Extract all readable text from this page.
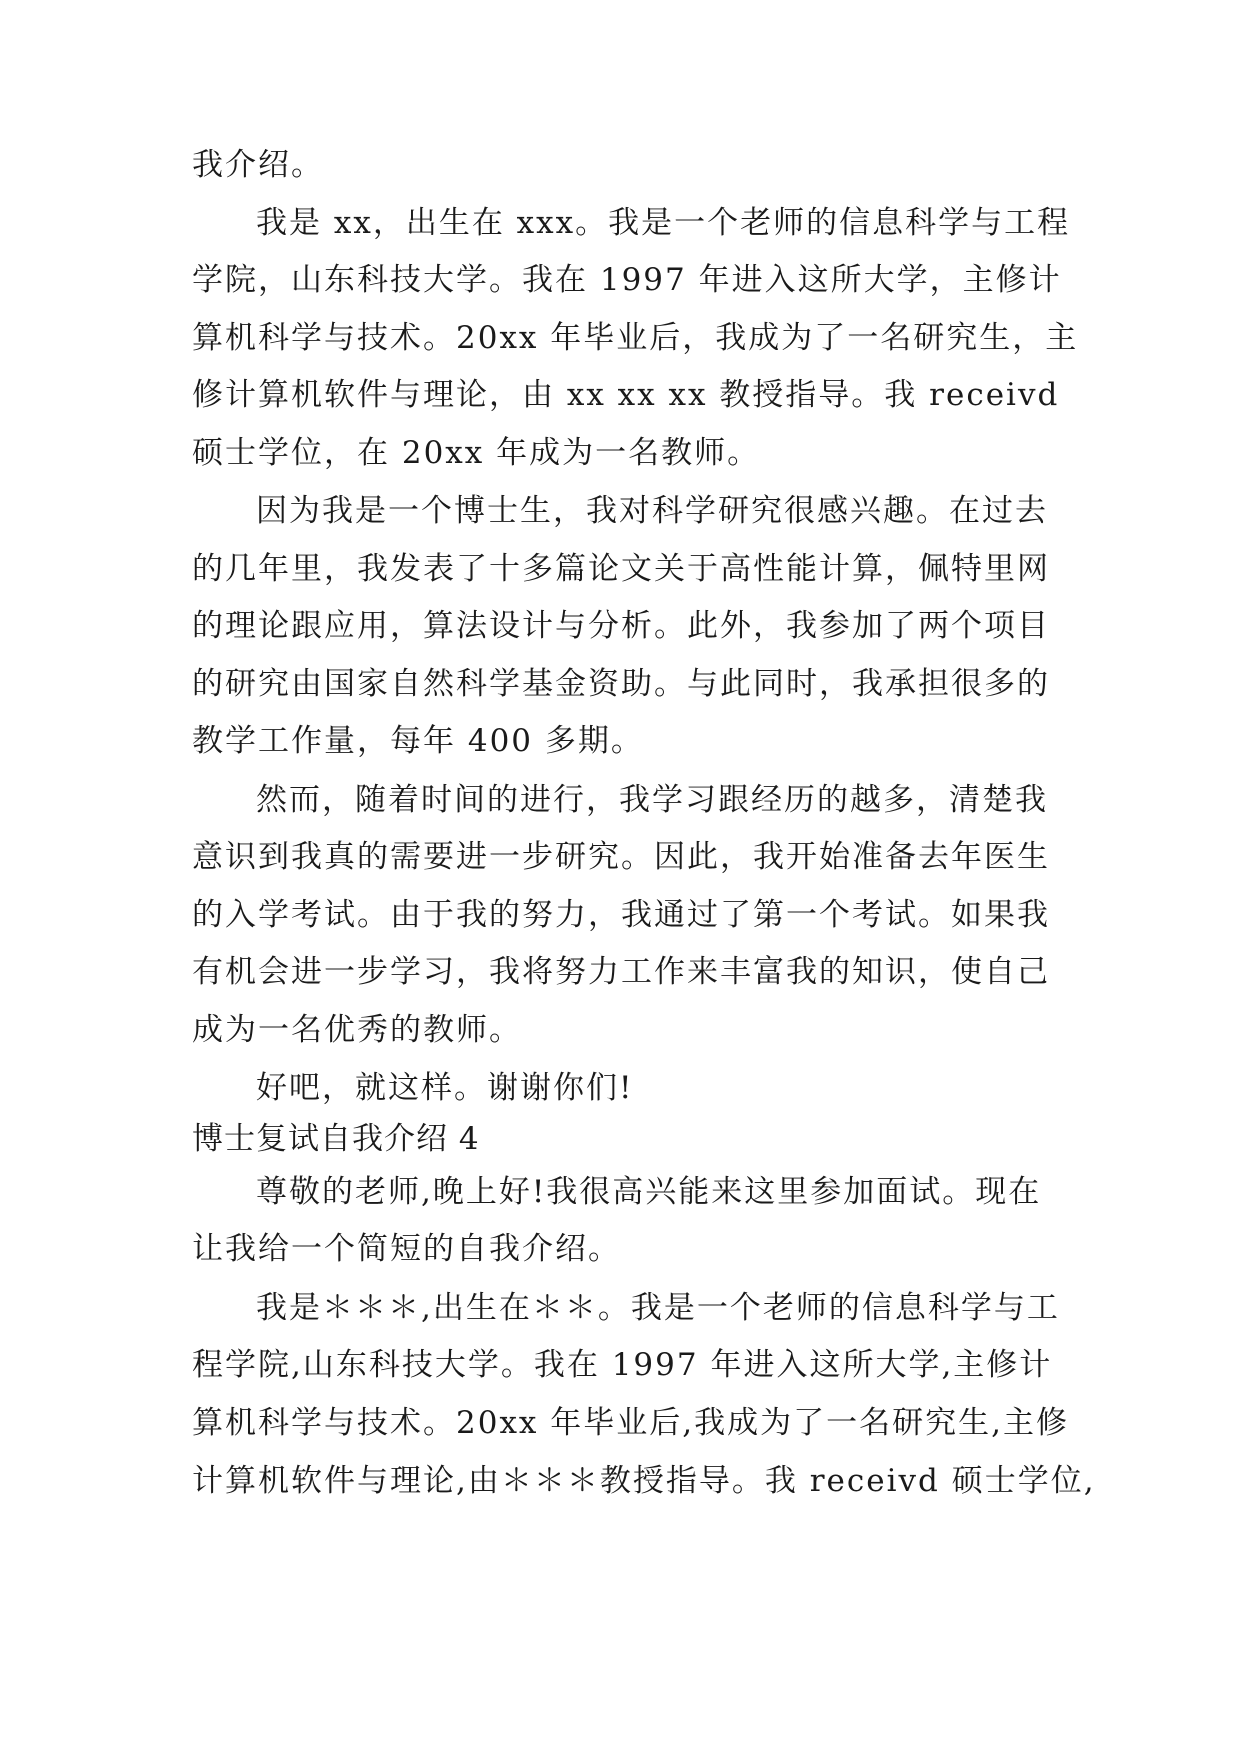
我介绍。
我是 xx，出生在 xxx。我是一个老师的信息科学与工程
学院，山东科技大学。我在 1997 年进入这所大学，主修计
算机科学与技术。20xx 年毕业后，我成为了一名研究生，主
修计算机软件与理论，由 xx xx xx 教授指导。我 receivd
硕士学位，在 20xx 年成为一名教师。
因为我是一个博士生，我对科学研究很感兴趣。在过去
的几年里，我发表了十多篇论文关于高性能计算，佩特里网
的理论跟应用，算法设计与分析。此外，我参加了两个项目
的研究由国家自然科学基金资助。与此同时，我承担很多的
教学工作量，每年 400 多期。
然而，随着时间的进行，我学习跟经历的越多，清楚我
意识到我真的需要进一步研究。因此，我开始准备去年医生
的入学考试。由于我的努力，我通过了第一个考试。如果我
有机会进一步学习，我将努力工作来丰富我的知识，使自己
成为一名优秀的教师。
好吧，就这样。谢谢你们!
博士复试自我介绍 4
尊敬的老师,晚上好!我很高兴能来这里参加面试。现在
让我给一个简短的自我介绍。
我是＊＊＊,出生在＊＊。我是一个老师的信息科学与工
程学院,山东科技大学。我在 1997 年进入这所大学,主修计
算机科学与技术。20xx 年毕业后,我成为了一名研究生,主修
计算机软件与理论,由＊＊＊教授指导。我 receivd 硕士学位,
